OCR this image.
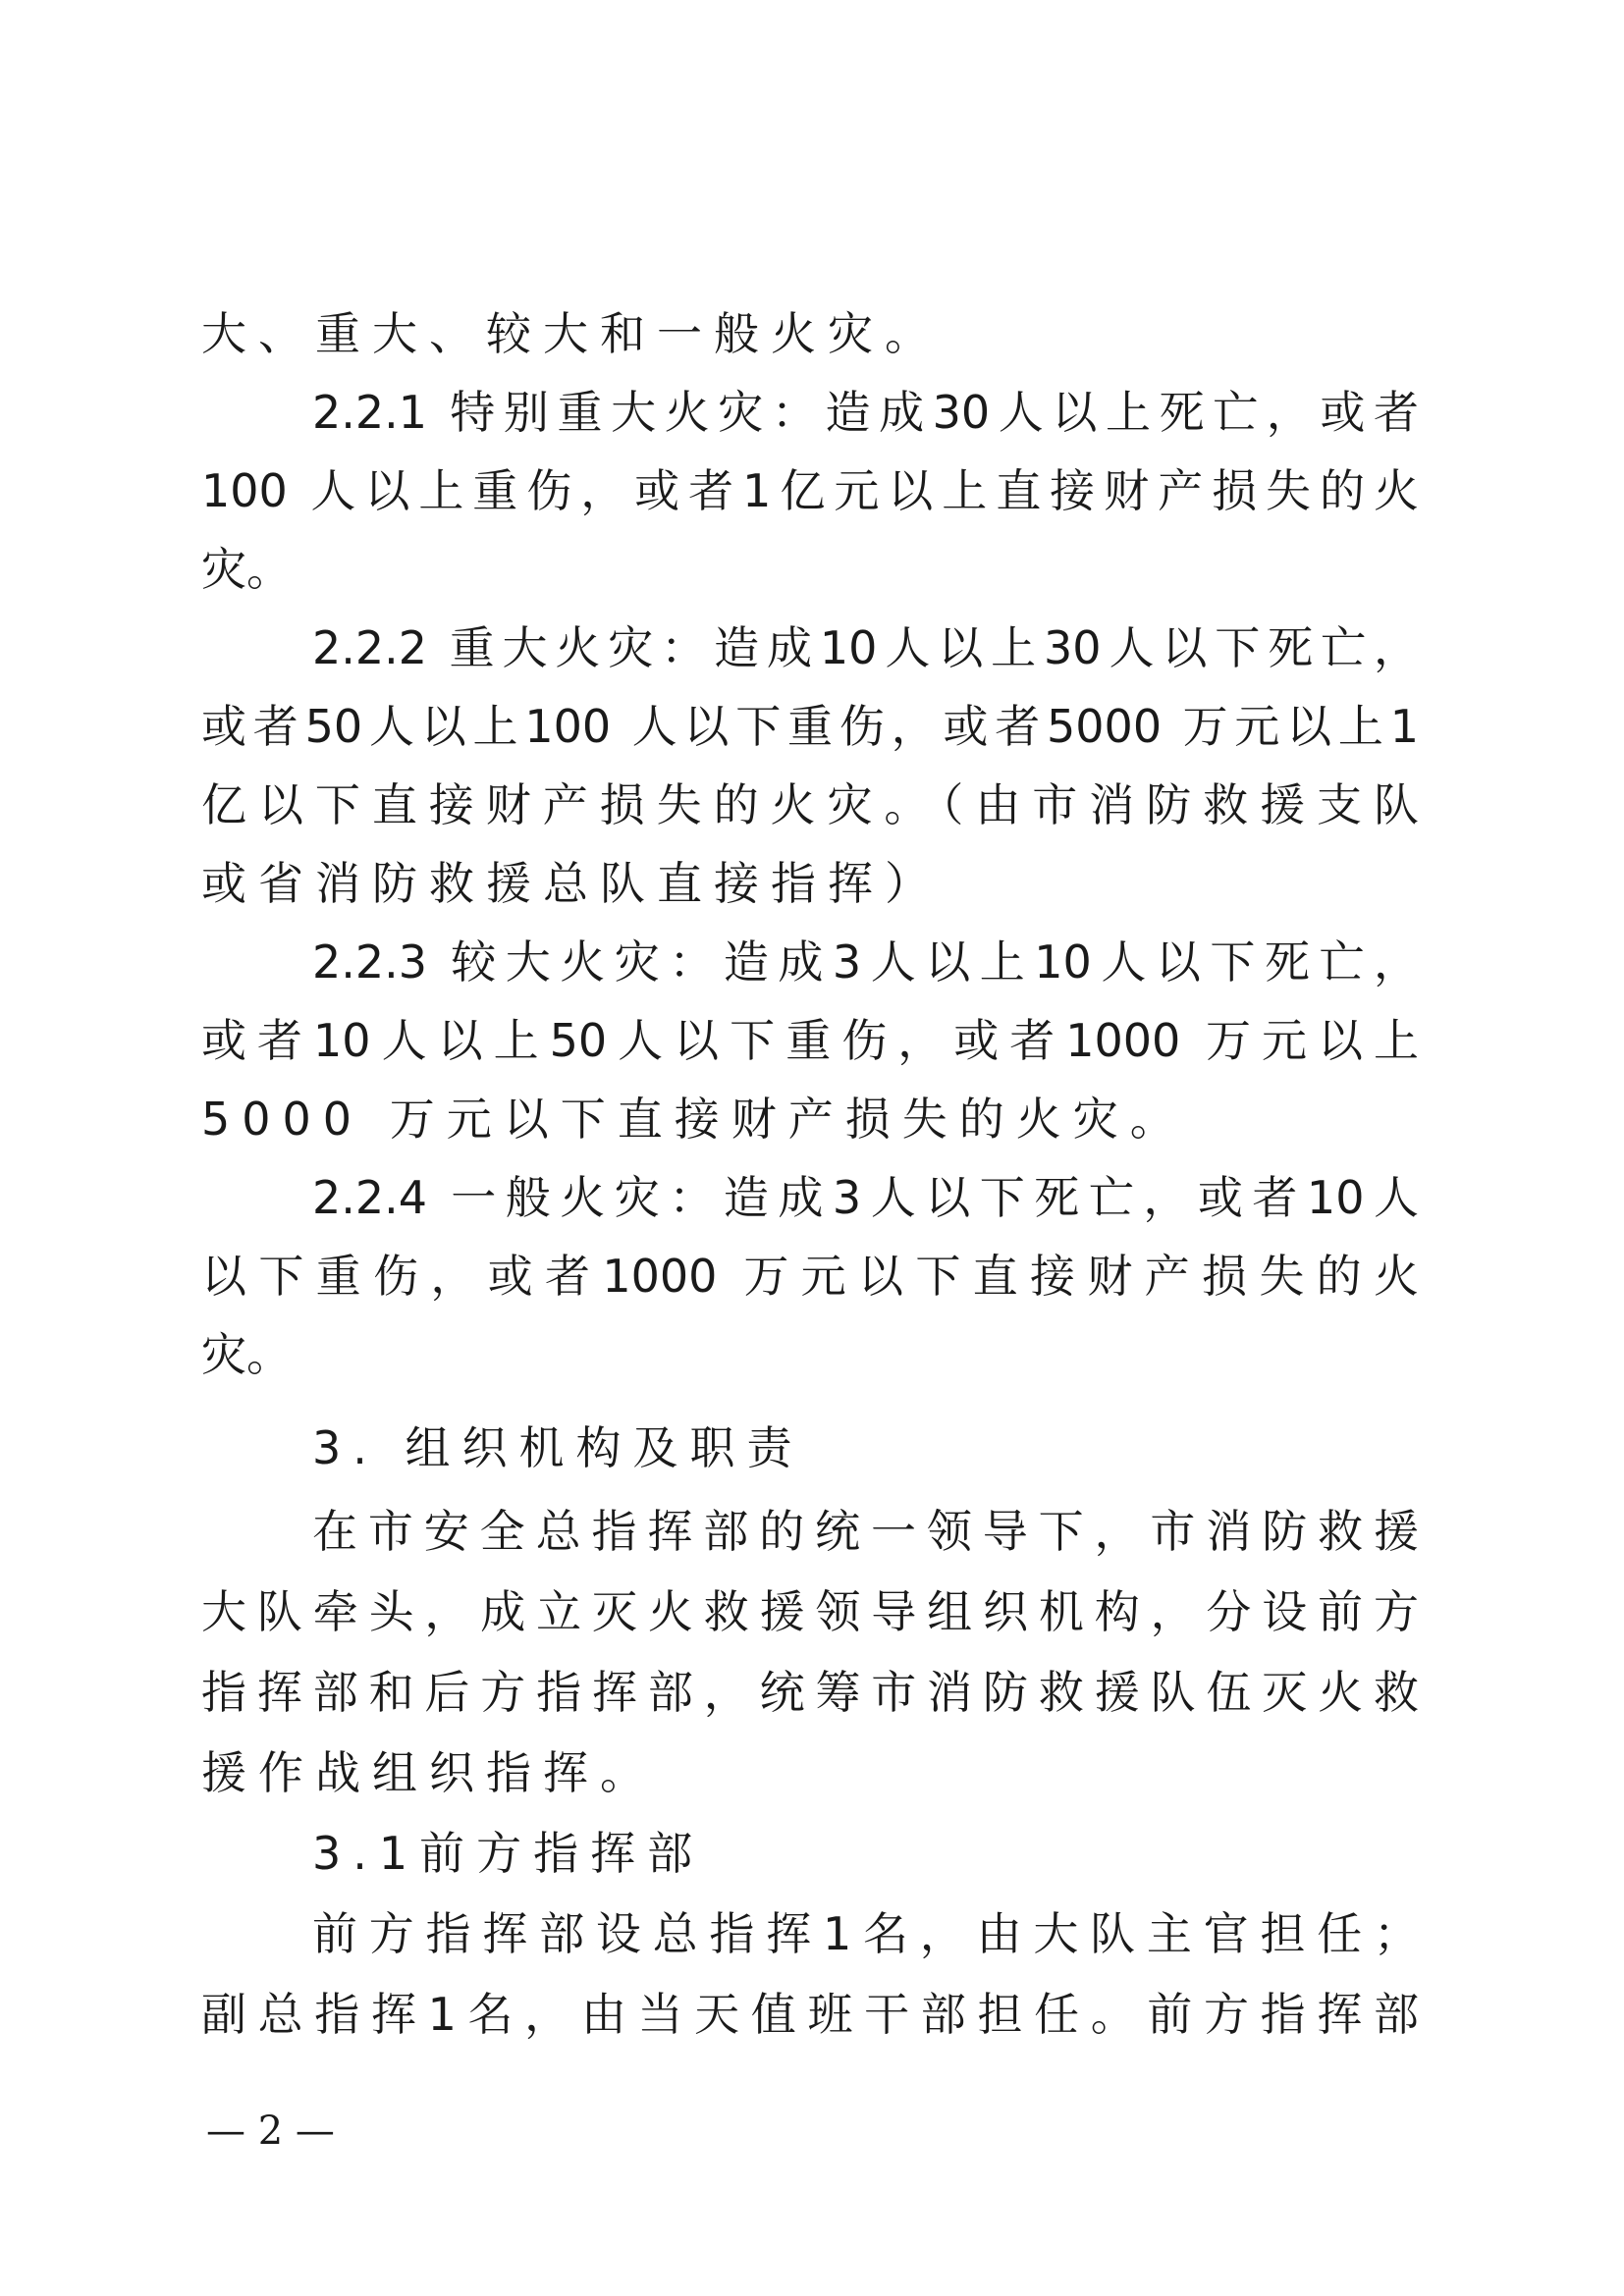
大、重大、较大和一般火灾。
2.2.1 特别重大火灾：造成30人以上死亡，或者
100 人以上重伤，或者1亿元以上直接财产损失的火
灾。
2.2.2 重大火灾：造成10人以上30人以下死亡，
或者50人以上100 人以下重伤，或者5000 万元以上1
亿以下直接财产损失的火灾。（由市消防救援支队
或省消防救援总队直接指挥）
2.2.3 较大火灾：造成3人以上10人以下死亡，
或者10人以上50人以下重伤，或者1000 万元以上
5000 万元以下直接财产损失的火灾。
2.2.4 一般火灾：造成3人以下死亡，或者10人
以下重伤，或者1000 万元以下直接财产损失的火
灾。
3. 组织机构及职责
在市安全总指挥部的统一领导下，市消防救援
大队牵头，成立灭火救援领导组织机构，分设前方
指挥部和后方指挥部，统筹市消防救援队伍灭火救
援作战组织指挥。
3.1前方指挥部
前方指挥部设总指挥1名，由大队主官担任；
副总指挥1名，由当天值班干部担任。前方指挥部
— 2 —
